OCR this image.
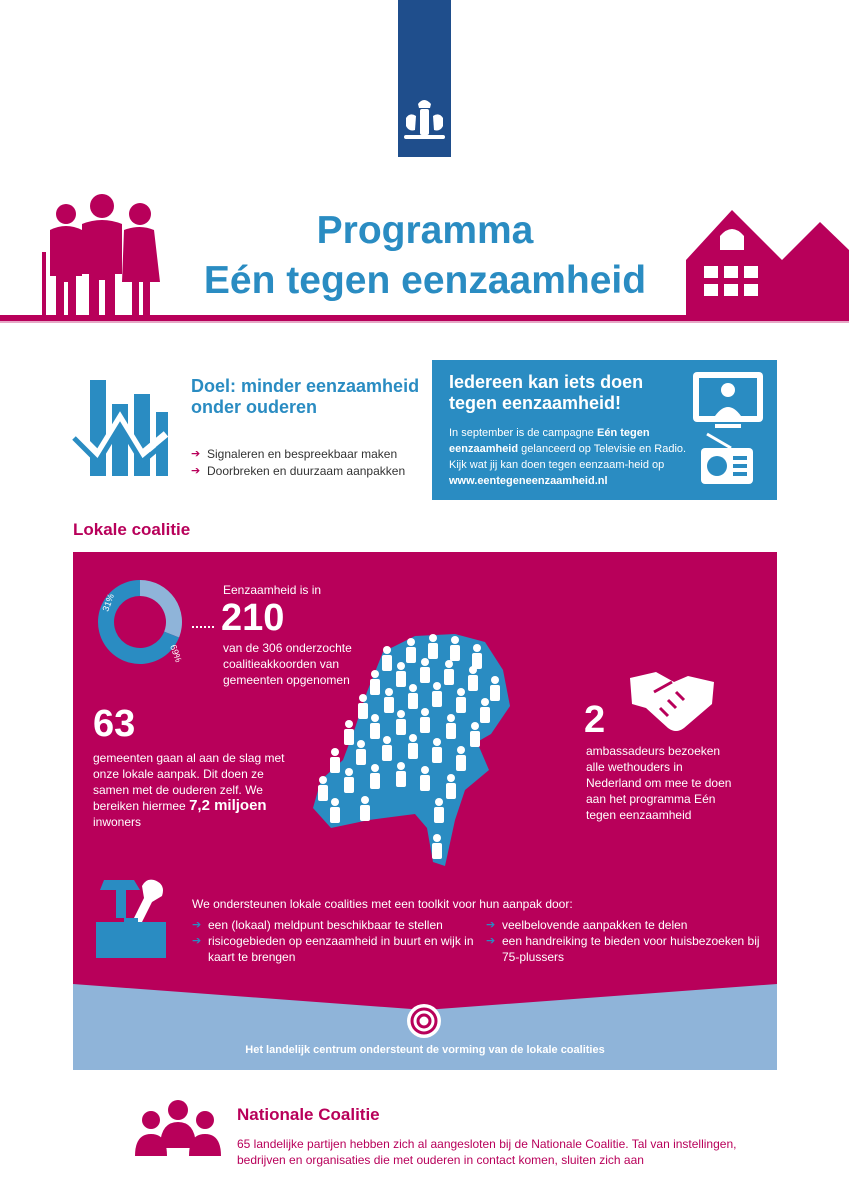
Programma
Eén tegen eenzaamheid
Doel: minder eenzaamheid onder ouderen
➔ Signaleren en bespreekbaar maken
➔ Doorbreken en duurzaam aanpakken
Iedereen kan iets doen tegen eenzaamheid!

In september is de campagne Eén tegen eenzaamheid gelanceerd op Televisie en Radio. Kijk wat jij kan doen tegen eenzaam-heid op www.eentegeneenzaamheid.nl

Lokale coalitie
31%
69%
Eenzaamheid is in
210
van de 306 onderzochte coalitieakkoorden van gemeenten opgenomen
63
gemeenten gaan al aan de slag met onze lokale aanpak. Dit doen ze samen met de ouderen zelf. We bereiken hiermee 7,2 miljoen
inwoners
2
ambassadeurs bezoeken alle wethouders in Nederland om mee te doen aan het programma Eén tegen eenzaamheid
We ondersteunen lokale coalities met een toolkit voor hun aanpak door:
➔ een (lokaal) meldpunt beschikbaar te stellen
➔ risicogebieden op eenzaamheid in buurt en wijk in kaart te brengen
➔ veelbelovende aanpakken te delen
➔ een handreiking te bieden voor huisbezoeken bij 75-plussers
Het landelijk centrum ondersteunt de vorming van de lokale coalities
Nationale Coalitie
65 landelijke partijen hebben zich al aangesloten bij de Nationale Coalitie. Tal van instellingen, bedrijven en organisaties die met ouderen in contact komen, sluiten zich aan
